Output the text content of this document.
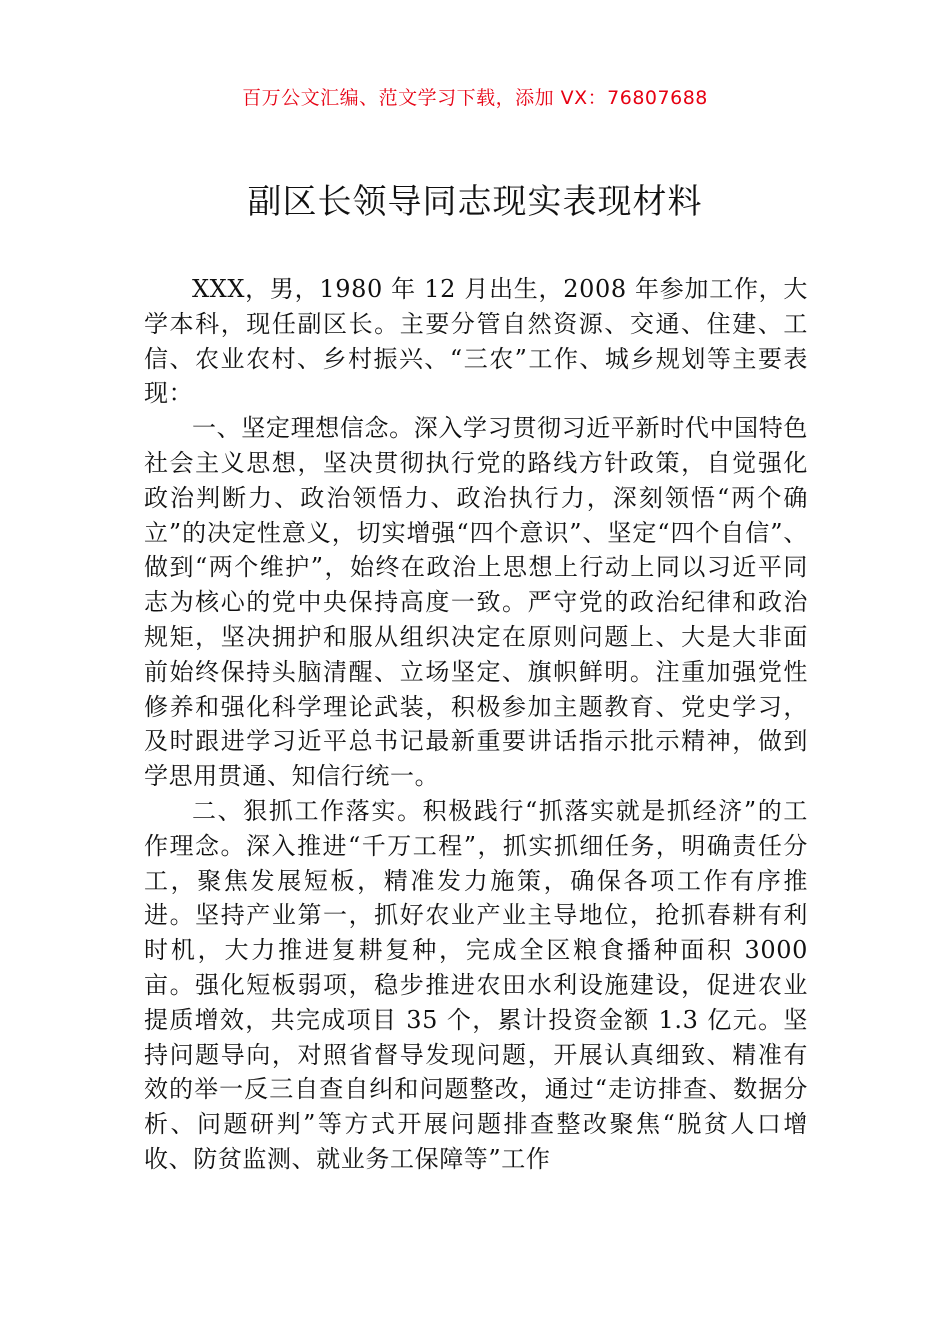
百万公文汇编、范文学习下载，添加 VX：76807688
副区长领导同志现实表现材料

XXX，男，1980 年 12 月出生，2008 年参加工作，大学本科，现任副区长。主要分管自然资源、交通、住建、工信、农业农村、乡村振兴、“三农”工作、城乡规划等主要表现：

一、坚定理想信念。深入学习贯彻习近平新时代中国特色社会主义思想，坚决贯彻执行党的路线方针政策，自觉强化政治判断力、政治领悟力、政治执行力，深刻领悟“两个确立”的决定性意义，切实增强“四个意识”、坚定“四个自信”、做到“两个维护”，始终在政治上思想上行动上同以习近平同志为核心的党中央保持高度一致。严守党的政治纪律和政治规矩，坚决拥护和服从组织决定在原则问题上、大是大非面前始终保持头脑清醒、立场坚定、旗帜鲜明。注重加强党性修养和强化科学理论武装，积极参加主题教育、党史学习，及时跟进学习近平总书记最新重要讲话指示批示精神，做到学思用贯通、知信行统一。

二、狠抓工作落实。积极践行“抓落实就是抓经济”的工作理念。深入推进“千万工程”，抓实抓细任务，明确责任分工，聚焦发展短板，精准发力施策，确保各项工作有序推进。坚持产业第一，抓好农业产业主导地位，抢抓春耕有利时机，大力推进复耕复种，完成全区粮食播种面积 3000 亩。强化短板弱项，稳步推进农田水利设施建设，促进农业提质增效，共完成项目 35 个，累计投资金额 1.3 亿元。坚持问题导向，对照省督导发现问题，开展认真细致、精准有效的举一反三自查自纠和问题整改，通过“走访排查、数据分析、问题研判”等方式开展问题排查整改聚焦“脱贫人口增收、防贫监测、就业务工保障等”工作
